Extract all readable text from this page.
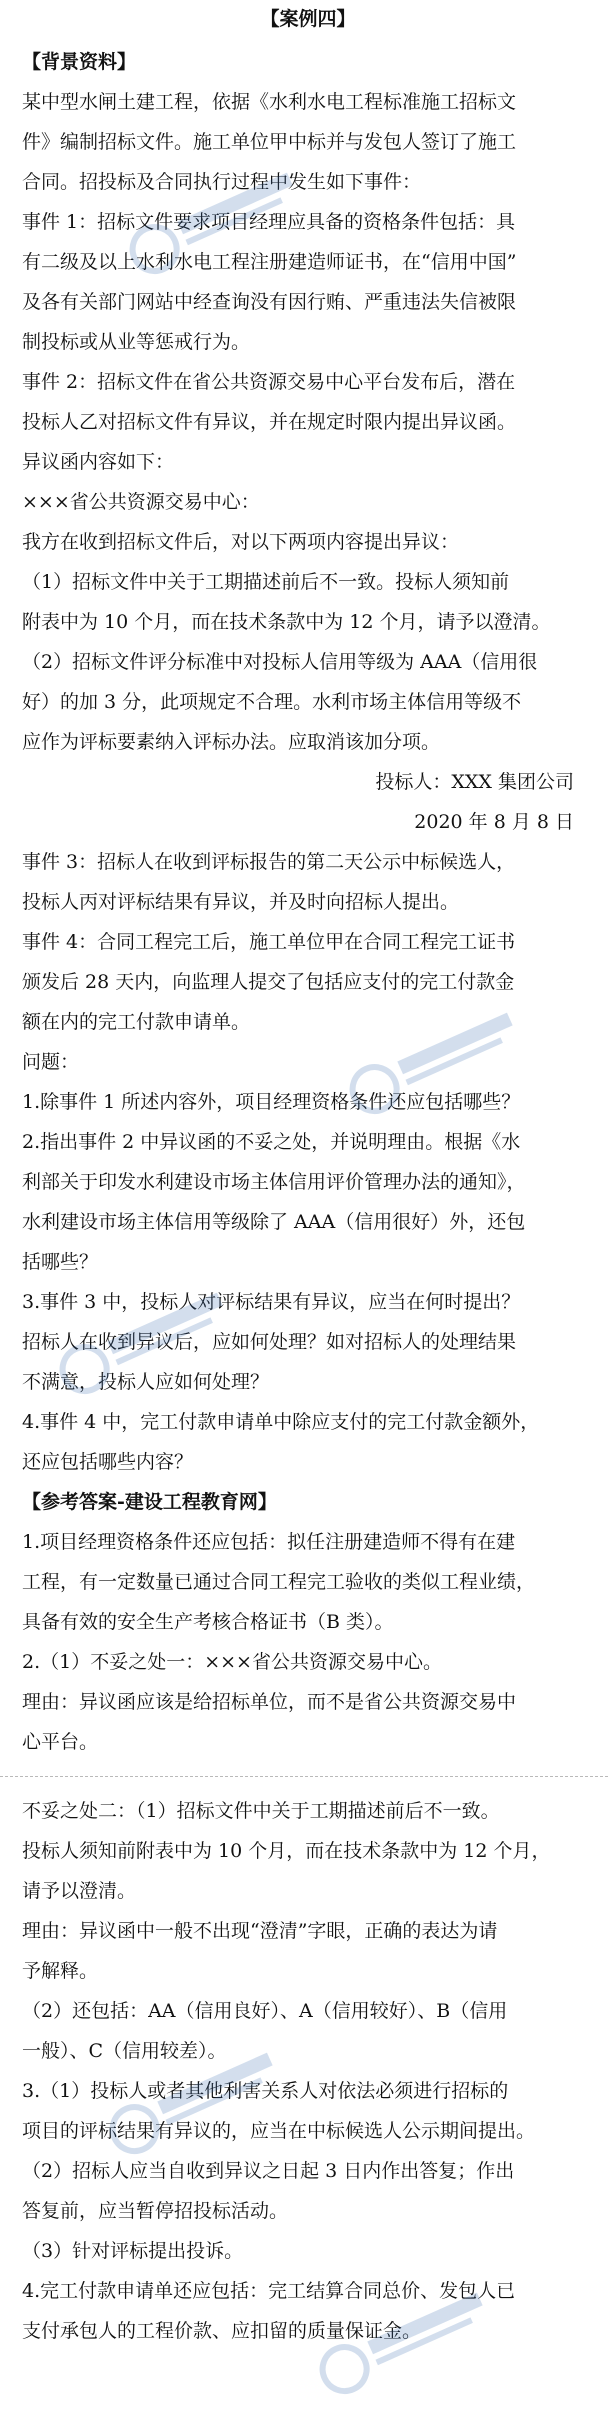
【案例四】
【背景资料】
某中型水闸土建工程，依据《水利水电工程标准施工招标文
件》编制招标文件。施工单位甲中标并与发包人签订了施工
合同。招投标及合同执行过程中发生如下事件：
事件 1：招标文件要求项目经理应具备的资格条件包括：具
有二级及以上水利水电工程注册建造师证书，在“信用中国”
及各有关部门网站中经查询没有因行贿、严重违法失信被限
制投标或从业等惩戒行为。
事件 2：招标文件在省公共资源交易中心平台发布后，潜在
投标人乙对招标文件有异议，并在规定时限内提出异议函。
异议函内容如下：
×××省公共资源交易中心：
我方在收到招标文件后，对以下两项内容提出异议：
（1）招标文件中关于工期描述前后不一致。投标人须知前
附表中为 10 个月，而在技术条款中为 12 个月，请予以澄清。
（2）招标文件评分标准中对投标人信用等级为 AAA（信用很
好）的加 3 分，此项规定不合理。水利市场主体信用等级不
应作为评标要素纳入评标办法。应取消该加分项。
投标人：XXX 集团公司
2020 年 8 月 8 日
事件 3：招标人在收到评标报告的第二天公示中标候选人，
投标人丙对评标结果有异议，并及时向招标人提出。
事件 4：合同工程完工后，施工单位甲在合同工程完工证书
颁发后 28 天内，向监理人提交了包括应支付的完工付款金
额在内的完工付款申请单。
问题：
1.除事件 1 所述内容外，项目经理资格条件还应包括哪些？
2.指出事件 2 中异议函的不妥之处，并说明理由。根据《水
利部关于印发水利建设市场主体信用评价管理办法的通知》，
水利建设市场主体信用等级除了 AAA（信用很好）外，还包
括哪些？
3.事件 3 中，投标人对评标结果有异议，应当在何时提出？
招标人在收到异议后，应如何处理？如对招标人的处理结果
不满意，投标人应如何处理？
4.事件 4 中，完工付款申请单中除应支付的完工付款金额外，
还应包括哪些内容？
【参考答案-建设工程教育网】
1.项目经理资格条件还应包括：拟任注册建造师不得有在建
工程，有一定数量已通过合同工程完工验收的类似工程业绩，
具备有效的安全生产考核合格证书（B 类）。
2.（1）不妥之处一：×××省公共资源交易中心。
理由：异议函应该是给招标单位，而不是省公共资源交易中
心平台。
不妥之处二：（1）招标文件中关于工期描述前后不一致。
投标人须知前附表中为 10 个月，而在技术条款中为 12 个月，
请予以澄清。
理由：异议函中一般不出现“澄清”字眼，正确的表达为请
予解释。
（2）还包括：AA（信用良好）、A（信用较好）、B（信用
一般）、C（信用较差）。
3.（1）投标人或者其他利害关系人对依法必须进行招标的
项目的评标结果有异议的，应当在中标候选人公示期间提出。
（2）招标人应当自收到异议之日起 3 日内作出答复；作出
答复前，应当暂停招投标活动。
（3）针对评标提出投诉。
4.完工付款申请单还应包括：完工结算合同总价、发包人已
支付承包人的工程价款、应扣留的质量保证金。
